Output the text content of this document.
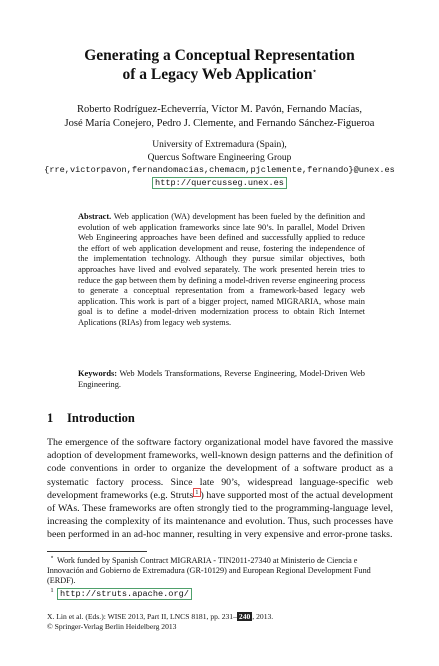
Generating a Conceptual Representation
of a Legacy Web Application⋆
Roberto Rodríguez-Echeverría, Víctor M. Pavón, Fernando Macías,
José María Conejero, Pedro J. Clemente, and Fernando Sánchez-Figueroa
University of Extremadura (Spain),
Quercus Software Engineering Group
{rre,victorpavon,fernandomacias,chemacm,pjclemente,fernando}@unex.es
http://quercusseg.unex.es
Abstract. Web application (WA) development has been fueled by the definition and evolution of web application frameworks since late 90’s. In parallel, Model Driven Web Engineering approaches have been defined and successfully applied to reduce the effort of web application development and reuse, fostering the independence of the implementation technology. Although they pursue similar objectives, both approaches have lived and evolved separately. The work presented herein tries to reduce the gap between them by defining a model-driven reverse engineering process to generate a conceptual representation from a framework-based legacy web application. This work is part of a bigger project, named MIGRARIA, whose main goal is to define a model-driven modernization process to obtain Rich Internet Aplications (RIAs) from legacy web systems.
Keywords: Web Models Transformations, Reverse Engineering, Model-Driven Web Engineering.
1 Introduction
The emergence of the software factory organizational model have favored the massive adoption of development frameworks, well-known design patterns and the definition of code conventions in order to organize the development of a software product as a systematic factory process. Since late 90’s, widespread language-specific web development frameworks (e.g. Struts $^1$ ) have supported most of the actual development of WAs. These frameworks are often strongly tied to the programming-language level, increasing the complexity of its maintenance and evolution. Thus, such processes have been performed in an ad-hoc manner, resulting in very expensive and error-prone tasks.
⋆ Work funded by Spanish Contract MIGRARIA - TIN2011-27340 at Ministerio de Ciencia e Innovación and Gobierno de Extremadura (GR-10129) and European Regional Development Fund (ERDF).
1 http://struts.apache.org/
X. Lin et al. (Eds.): WISE 2013, Part II, LNCS 8181, pp. 231– 240 , 2013.
© Springer-Verlag Berlin Heidelberg 2013
